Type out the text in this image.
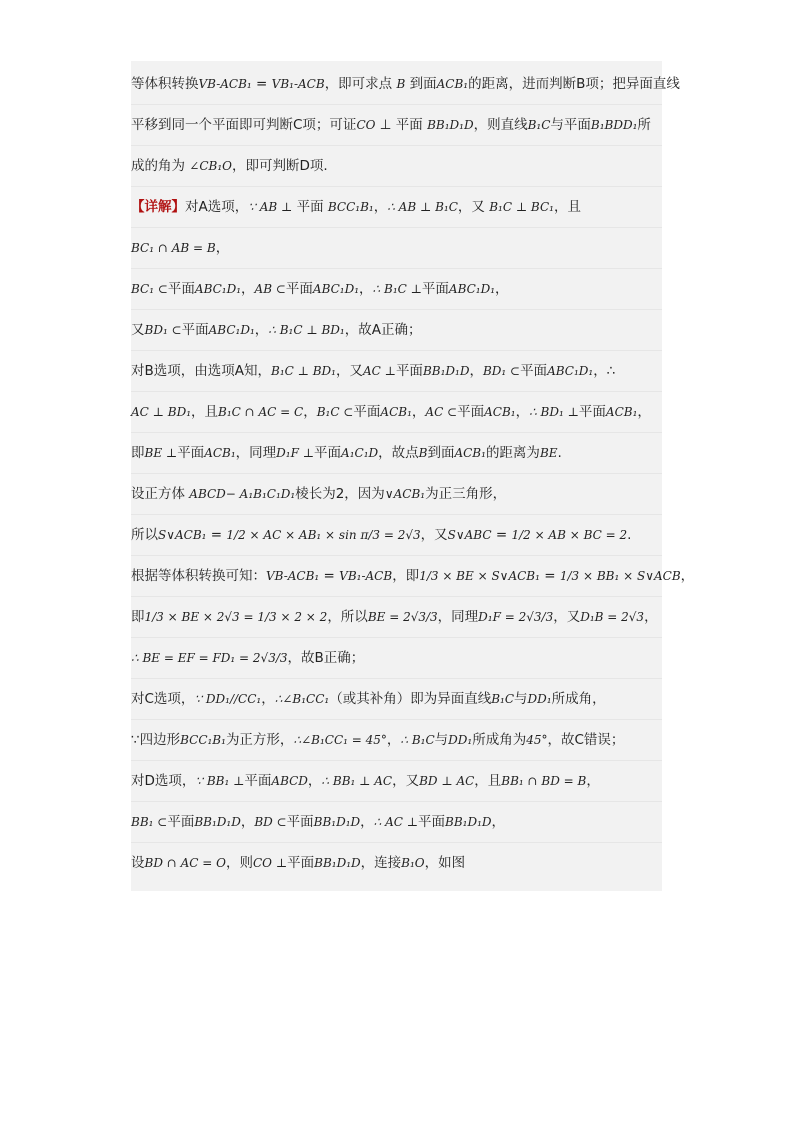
等体积转换VB-ACB₁ = VB₁-ACB，即可求点 B 到面ACB₁的距离，进而判断B项；把异面直线
平移到同一个平面即可判断C项；可证CO ⊥ 平面 BB₁D₁D，则直线B₁C与平面B₁BDD₁所
成的角为 ∠CB₁O，即可判断D项.
【详解】对A选项，∵ AB ⊥ 平面 BCC₁B₁，∴ AB ⊥ B₁C，又 B₁C ⊥ BC₁，且
BC₁ ∩ AB = B，
BC₁ ⊂平面ABC₁D₁，AB ⊂平面ABC₁D₁，∴ B₁C ⊥平面ABC₁D₁，
又BD₁ ⊂平面ABC₁D₁，∴ B₁C ⊥ BD₁，故A正确；
对B选项，由选项A知，B₁C ⊥ BD₁，又AC ⊥平面BB₁D₁D，BD₁ ⊂平面ABC₁D₁，∴
AC ⊥ BD₁，且B₁C ∩ AC = C，B₁C ⊂平面ACB₁，AC ⊂平面ACB₁，∴ BD₁ ⊥平面ACB₁，
即BE ⊥平面ACB₁，同理D₁F ⊥平面A₁C₁D，故点B到面ACB₁的距离为BE.
设正方体 ABCD− A₁B₁C₁D₁棱长为2，因为∨ACB₁为正三角形，
所以S∨ACB₁ = 1/2 × AC × AB₁ × sin π/3 = 2√3，又S∨ABC = 1/2 × AB × BC = 2.
根据等体积转换可知：VB-ACB₁ = VB₁-ACB，即1/3 × BE × S∨ACB₁ = 1/3 × BB₁ × S∨ACB，
即1/3 × BE × 2√3 = 1/3 × 2 × 2，所以BE = 2√3/3，同理D₁F = 2√3/3，又D₁B = 2√3，
∴ BE = EF = FD₁ = 2√3/3，故B正确；
对C选项，∵ DD₁//CC₁，∴∠B₁CC₁（或其补角）即为异面直线B₁C与DD₁所成角，
∵四边形BCC₁B₁为正方形，∴∠B₁CC₁ = 45°，∴ B₁C与DD₁所成角为45°，故C错误；
对D选项，∵ BB₁ ⊥平面ABCD，∴ BB₁ ⊥ AC，又BD ⊥ AC，且BB₁ ∩ BD = B，
BB₁ ⊂平面BB₁D₁D，BD ⊂平面BB₁D₁D，∴ AC ⊥平面BB₁D₁D，
设BD ∩ AC = O，则CO ⊥平面BB₁D₁D，连接B₁O，如图
